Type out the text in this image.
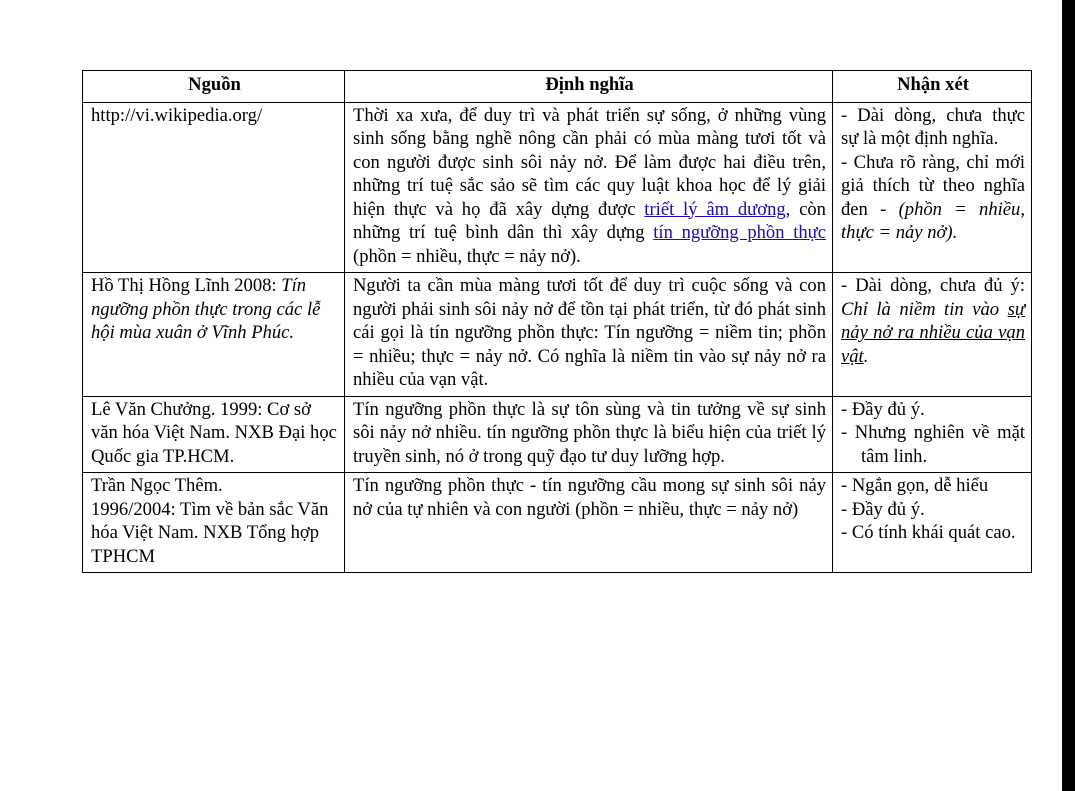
Nguồn	Định nghĩa	Nhận xét
http://vi.wikipedia.org/	Thời xa xưa, để duy trì và phát triển sự sống, ở những vùng sinh sống bằng nghề nông cần phải có mùa màng tươi tốt và con người được sinh sôi nảy nở. Để làm được hai điều trên, những trí tuệ sắc sảo sẽ tìm các quy luật khoa học để lý giải hiện thực và họ đã xây dựng được triết lý âm dương, còn những trí tuệ bình dân thì xây dựng tín ngưỡng phồn thực (phồn = nhiều, thực = nảy nở).	- Dài dòng, chưa thực sự là một định nghĩa.
- Chưa rõ ràng, chỉ mới giả thích từ theo nghĩa đen - (phồn = nhiều, thực = nảy nở).

Hồ Thị Hồng Lĩnh 2008: Tín ngưỡng phồn thực trong các lễ hội mùa xuân ở Vĩnh Phúc.	Người ta cần mùa màng tươi tốt để duy trì cuộc sống và con người phải sinh sôi nảy nở để tồn tại phát triển, từ đó phát sinh cái gọi là tín ngưỡng phồn thực: Tín ngưỡng = niềm tin; phồn = nhiều; thực = nảy nở. Có nghĩa là niềm tin vào sự nảy nở ra nhiều của vạn vật.	- Dài dòng, chưa đủ ý: Chỉ là niềm tin vào sự nảy nở ra nhiều của vạn vật.
Lê Văn Chưởng. 1999: Cơ sở văn hóa Việt Nam. NXB Đại học Quốc gia TP.HCM.	Tín ngưỡng phồn thực là sự tôn sùng và tin tưởng về sự sinh sôi nảy nở nhiều. tín ngưỡng phồn thực là biểu hiện của triết lý truyền sinh, nó ở trong quỹ đạo tư duy lưỡng hợp.	- Đầy đủ ý.
- Nhưng nghiên về mặt tâm linh.

Trần Ngọc Thêm.
1996/2004: Tìm về bản sắc Văn hóa Việt Nam. NXB Tổng hợp TPHCM	Tín ngưỡng phồn thực - tín ngưỡng cầu mong sự sinh sôi nảy nở của tự nhiên và con người (phồn = nhiều, thực = nảy nở)	- Ngắn gọn, dễ hiểu
- Đầy đủ ý.
- Có tính khái quát cao.
